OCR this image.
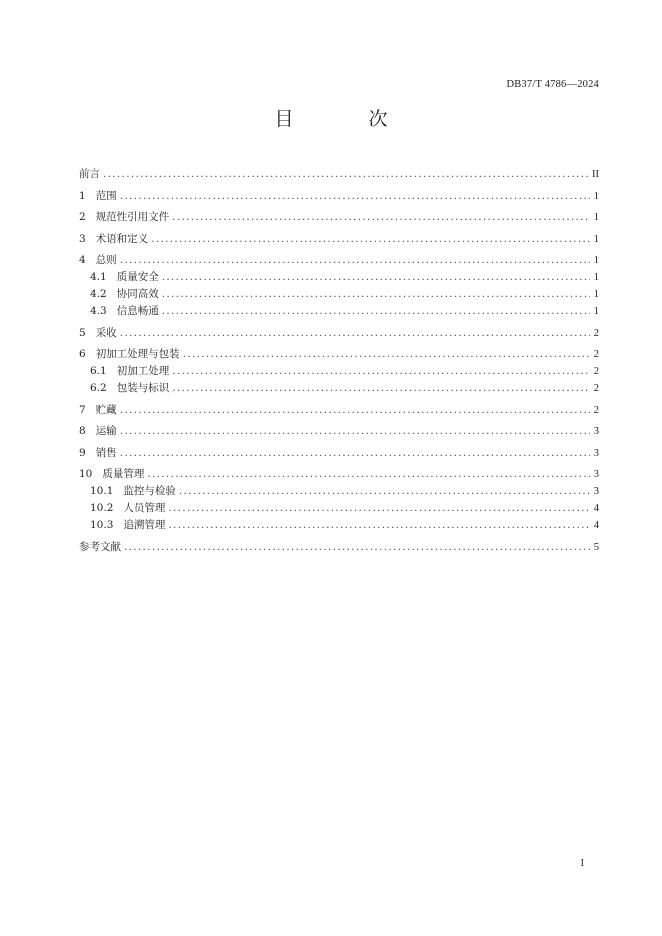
DB37/T 4786—2024
目　次
前言 .....	II
1 范围 .....	1
2 规范性引用文件 .....	1
3 术语和定义 .....	1
4 总则 .....	1
4.1 质量安全 .....	1
4.2 协同高效 .....	1
4.3 信息畅通 .....	1
5 采收 .....	2
6 初加工处理与包装 .....	2
6.1 初加工处理 .....	2
6.2 包装与标识 .....	2
7 贮藏 .....	2
8 运输 .....	3
9 销售 .....	3
10 质量管理 .....	3
10.1 监控与检验 .....	3
10.2 人员管理 .....	4
10.3 追溯管理 .....	4
参考文献 .....	5
I
